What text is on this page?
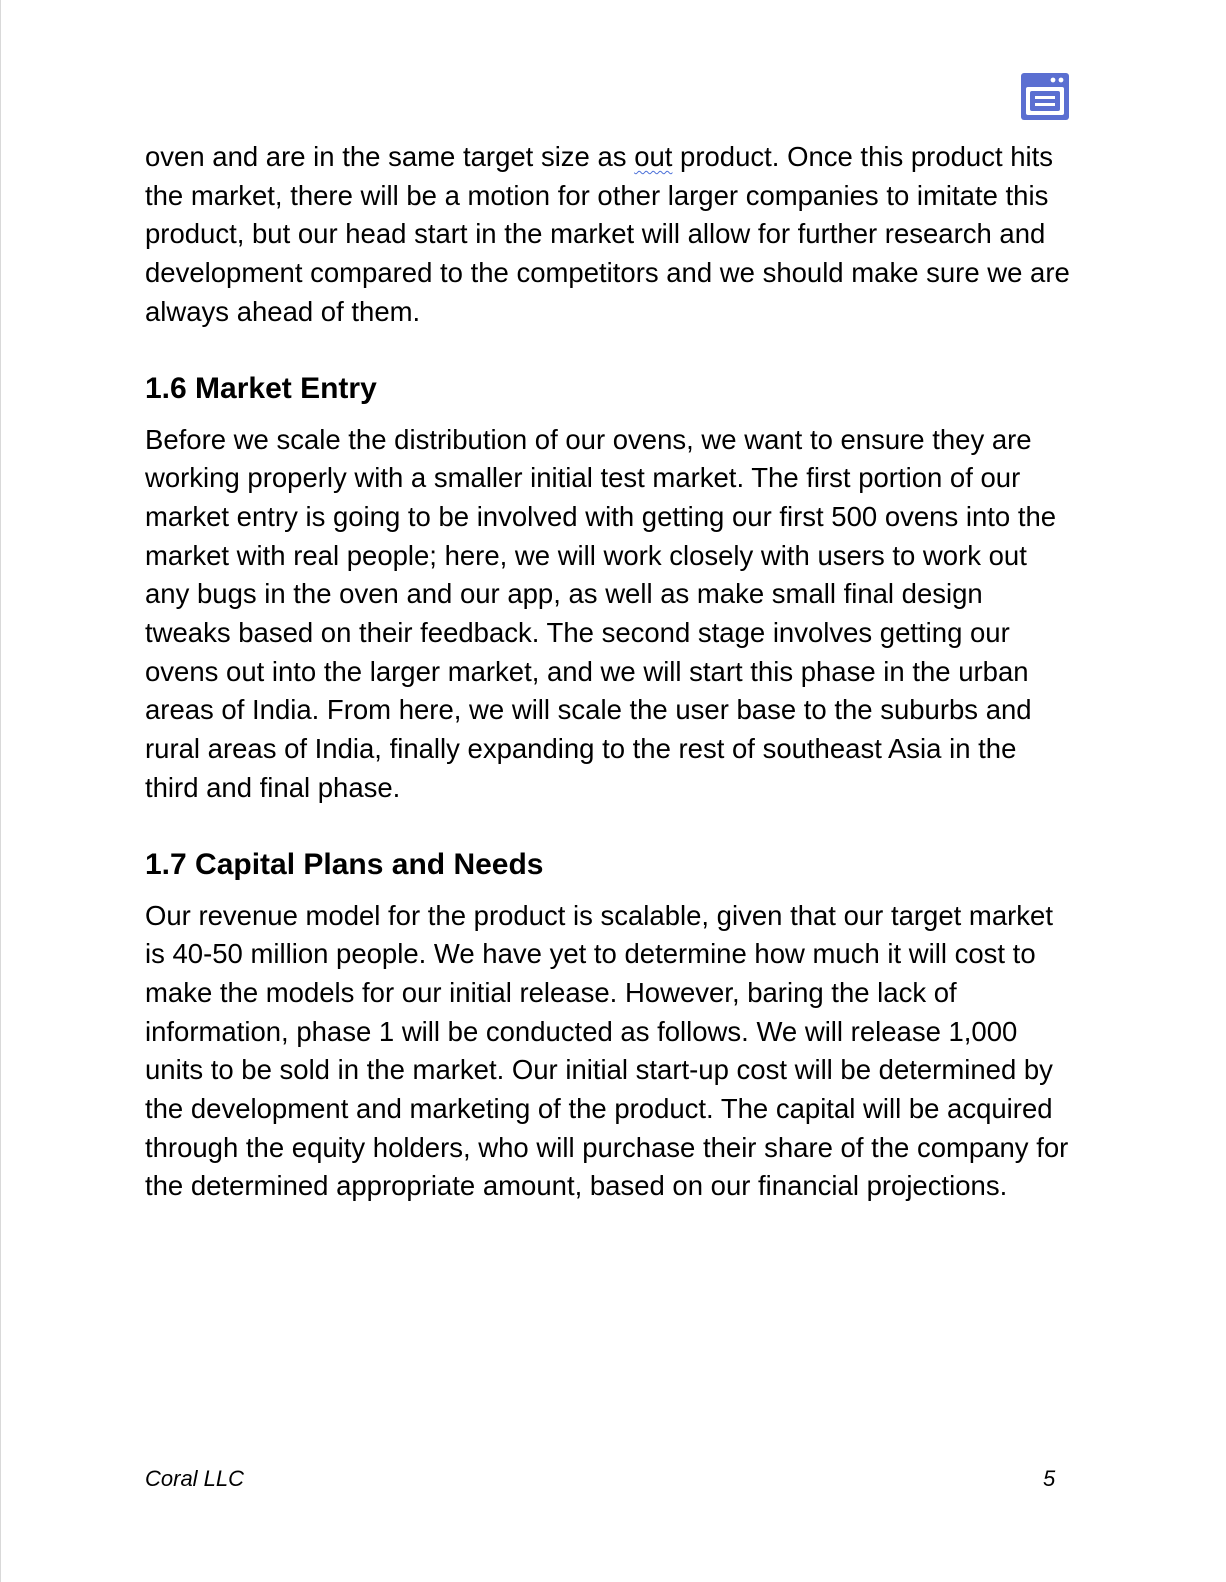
oven and are in the same target size as out product. Once this product hits the market, there will be a motion for other larger companies to imitate this product, but our head start in the market will allow for further research and development compared to the competitors and we should make sure we are always ahead of them.

1.6 Market Entry

Before we scale the distribution of our ovens, we want to ensure they are working properly with a smaller initial test market. The first portion of our market entry is going to be involved with getting our first 500 ovens into the market with real people; here, we will work closely with users to work out any bugs in the oven and our app, as well as make small final design tweaks based on their feedback. The second stage involves getting our ovens out into the larger market, and we will start this phase in the urban areas of India. From here, we will scale the user base to the suburbs and rural areas of India, finally expanding to the rest of southeast Asia in the third and final phase.

1.7 Capital Plans and Needs

Our revenue model for the product is scalable, given that our target market is 40-50 million people. We have yet to determine how much it will cost to make the models for our initial release. However, baring the lack of information, phase 1 will be conducted as follows. We will release 1,000 units to be sold in the market. Our initial start-up cost will be determined by the development and marketing of the product. The capital will be acquired through the equity holders, who will purchase their share of the company for the determined appropriate amount, based on our financial projections.

Coral LLC	5
